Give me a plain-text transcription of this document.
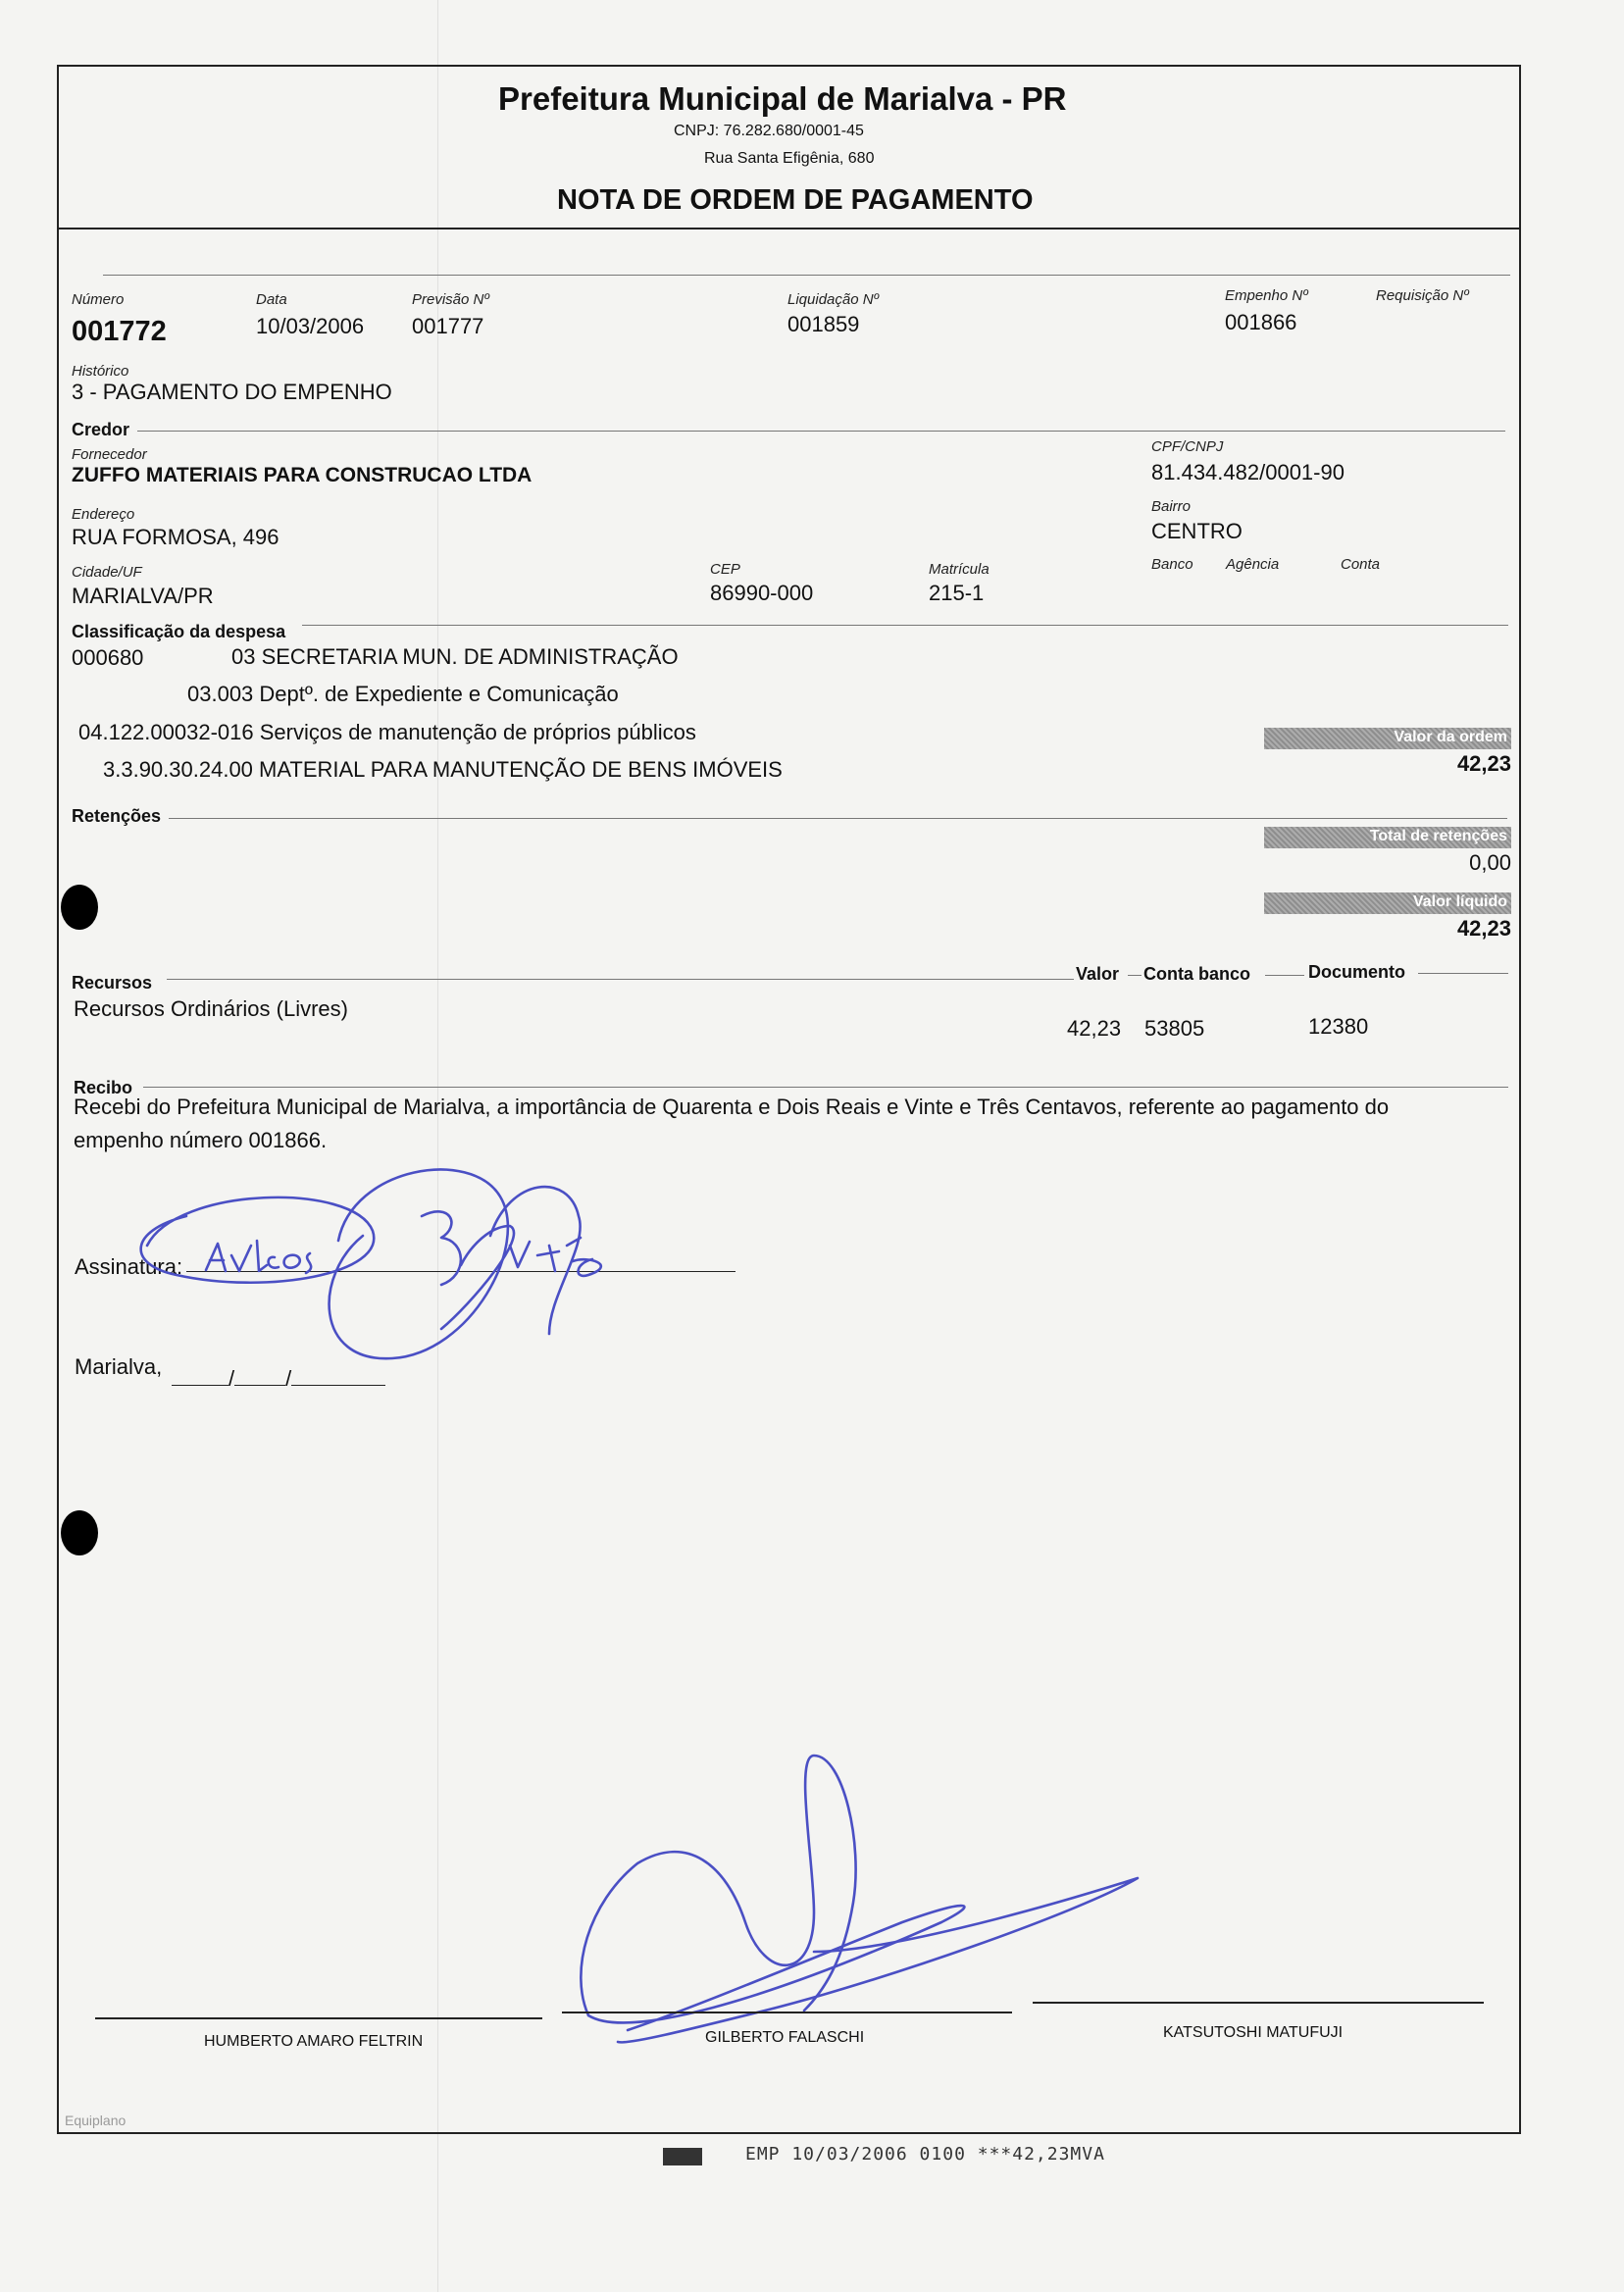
Prefeitura Municipal de Marialva - PR
CNPJ: 76.282.680/0001-45
Rua Santa Efigênia, 680
NOTA DE ORDEM DE PAGAMENTO
Número
001772
Data
10/03/2006
Previsão Nº
001777
Liquidação Nº
001859
Empenho Nº
001866
Requisição Nº
Histórico
3 - PAGAMENTO DO EMPENHO
Credor
Fornecedor
ZUFFO MATERIAIS PARA CONSTRUCAO LTDA
CPF/CNPJ
81.434.482/0001-90
Endereço
RUA FORMOSA, 496
Bairro
CENTRO
Cidade/UF
MARIALVA/PR
CEP
86990-000
Matrícula
215-1
Banco Agência	Conta
Classificação da despesa
000680	03 SECRETARIA MUN. DE ADMINISTRAÇÃO
03.003 Deptº. de Expediente e Comunicação
04.122.00032-016 Serviços de manutenção de próprios públicos
3.3.90.30.24.00 MATERIAL PARA MANUTENÇÃO DE BENS IMÓVEIS
Valor da ordem
42,23
Retenções
Total de retenções
0,00
Valor líquido
42,23
Recursos	Valor Conta banco	Documento
Recursos Ordinários (Livres)
42,23 53805	12380
Recibo
Recebi do Prefeitura Municipal de Marialva, a importância de Quarenta e Dois Reais e Vinte e Três Centavos, referente ao pagamento do
empenho número 001866.
Assinatura:
Marialva,	/ /
HUMBERTO AMARO FELTRIN	GILBERTO FALASCHI	KATSUTOSHI MATUFUJI
Equiplano
EMP 10/03/2006 0100 ***42,23MVA
